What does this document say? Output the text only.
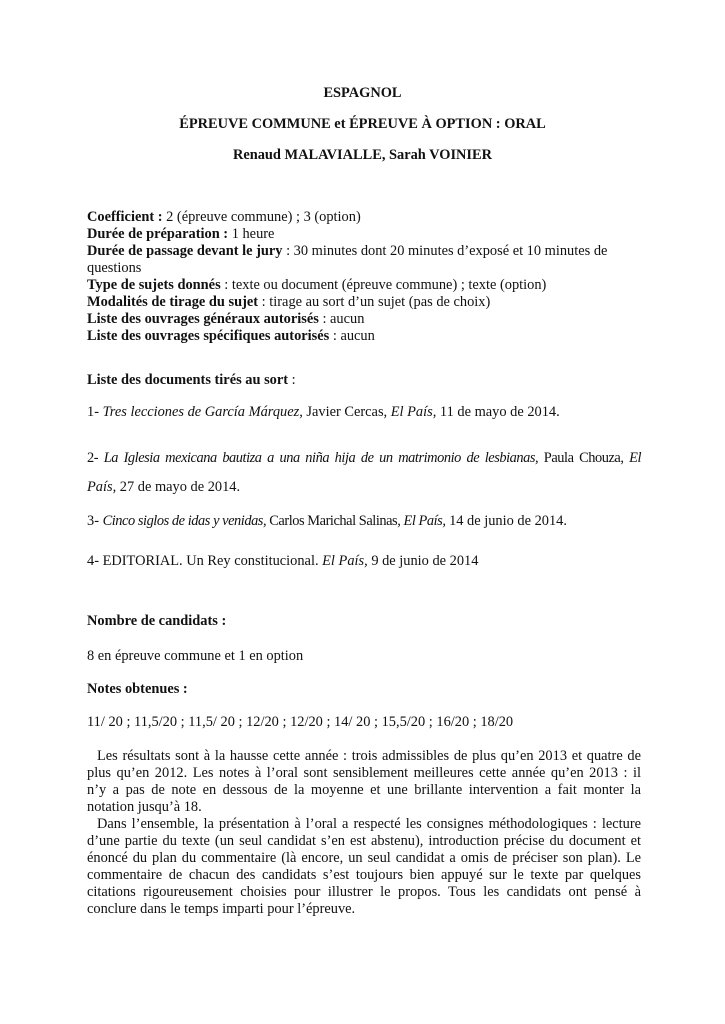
ESPAGNOL
ÉPREUVE COMMUNE et ÉPREUVE À OPTION : ORAL
Renaud MALAVIALLE, Sarah VOINIER
Coefficient : 2 (épreuve commune) ; 3 (option)
Durée de préparation : 1 heure
Durée de passage devant le jury : 30 minutes dont 20 minutes d’exposé et 10 minutes de
questions
Type de sujets donnés : texte ou document (épreuve commune) ; texte (option)
Modalités de tirage du sujet : tirage au sort d’un sujet (pas de choix)
Liste des ouvrages généraux autorisés : aucun
Liste des ouvrages spécifiques autorisés : aucun
Liste des documents tirés au sort :
1- Tres lecciones de García Márquez, Javier Cercas, El País, 11 de mayo de 2014.
2- La Iglesia mexicana bautiza a una niña hija de un matrimonio de lesbianas, Paula Chouza, El
País, 27 de mayo de 2014.
3- Cinco siglos de idas y venidas, Carlos Marichal Salinas, El País, 14 de junio de 2014.
4- EDITORIAL. Un Rey constitucional. El País, 9 de junio de 2014
Nombre de candidats :
8 en épreuve commune et 1 en option
Notes obtenues :
11/ 20 ; 11,5/20 ; 11,5/ 20 ; 12/20 ; 12/20 ; 14/ 20 ; 15,5/20 ; 16/20 ; 18/20
Les résultats sont à la hausse cette année : trois admissibles de plus qu’en 2013 et quatre de
plus qu’en 2012. Les notes à l’oral sont sensiblement meilleures cette année qu’en 2013 : il
n’y a pas de note en dessous de la moyenne et une brillante intervention a fait monter la
notation jusqu’à 18.
Dans l’ensemble, la présentation à l’oral a respecté les consignes méthodologiques : lecture
d’une partie du texte (un seul candidat s’en est abstenu), introduction précise du document et
énoncé du plan du commentaire (là encore, un seul candidat a omis de préciser son plan). Le
commentaire de chacun des candidats s’est toujours bien appuyé sur le texte par quelques
citations rigoureusement choisies pour illustrer le propos. Tous les candidats ont pensé à
conclure dans le temps imparti pour l’épreuve.
